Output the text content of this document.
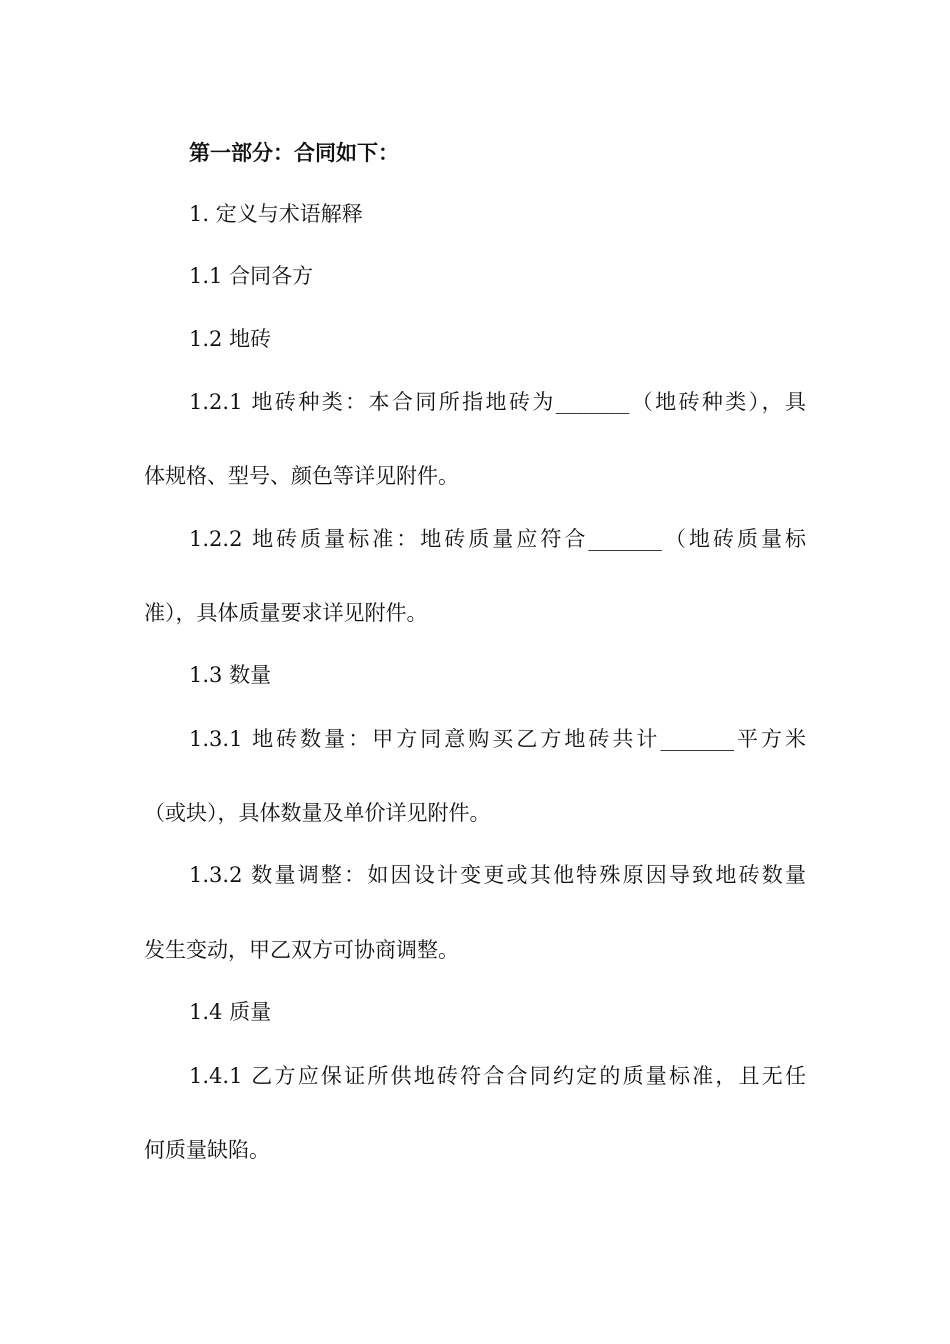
第一部分：合同如下：

1. 定义与术语解释

1.1 合同各方

1.2 地砖

1.2.1 地砖种类：本合同所指地砖为_______（地砖种类），具

体规格、型号、颜色等详见附件。

1.2.2 地砖质量标准：地砖质量应符合_______（地砖质量标

准），具体质量要求详见附件。

1.3 数量

1.3.1 地砖数量：甲方同意购买乙方地砖共计_______平方米

（或块），具体数量及单价详见附件。

1.3.2 数量调整：如因设计变更或其他特殊原因导致地砖数量

发生变动，甲乙双方可协商调整。

1.4 质量

1.4.1 乙方应保证所供地砖符合合同约定的质量标准，且无任

何质量缺陷。
